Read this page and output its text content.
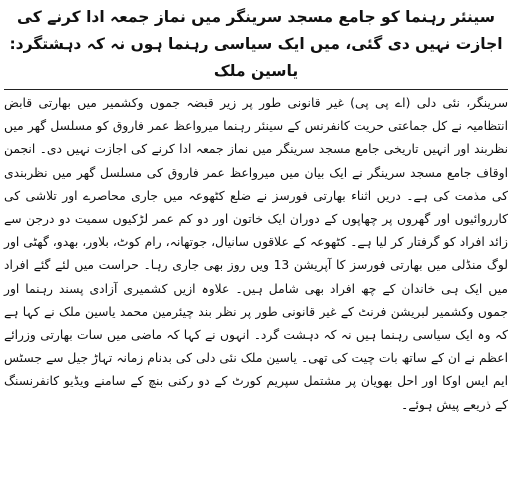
سینئر رہنما کو جامع مسجد سرینگر میں نماز جمعہ ادا کرنے کی اجازت نہیں دی گئی، میں ایک سیاسی رہنما ہوں نہ کہ دہشتگرد: یاسین ملک

سرینگر، نئی دلی (اے پی پی) غیر قانونی طور پر زیر قبضہ جموں وکشمیر میں بھارتی قابض انتظامیہ نے کل جماعتی حریت کانفرنس کے سینئر رہنما میرواعظ عمر فاروق کو مسلسل گھر میں نظربند اور انہیں تاریخی جامع مسجد سرینگر میں نماز جمعہ ادا کرنے کی اجازت نہیں دی۔ انجمن اوقاف جامع مسجد سرینگر نے ایک بیان میں میرواعظ عمر فاروق کی مسلسل گھر میں نظربندی کی مذمت کی ہے۔ دریں اثناء بھارتی فورسز نے ضلع کٹھوعہ میں جاری محاصرے اور تلاشی کی کارروائیوں اور گھروں پر چھاپوں کے دوران ایک خاتون اور دو کم عمر لڑکیوں سمیت دو درجن سے زائد افراد کو گرفتار کر لیا ہے۔ کٹھوعہ کے علاقوں سانیال، جوتھانہ، رام کوٹ، بلاور، بھدو، گھٹی اور لوگ منڈلی میں بھارتی فورسز کا آپریشن 13 ویں روز بھی جاری رہا۔ حراست میں لئے گئے افراد میں ایک ہی خاندان کے چھ افراد بھی شامل ہیں۔ علاوہ ازیں کشمیری آزادی پسند رہنما اور جموں وکشمیر لبریشن فرنٹ کے غیر قانونی طور پر نظر بند چیئرمین محمد یاسین ملک نے کہا ہے کہ وہ ایک سیاسی رہنما ہیں نہ کہ دہشت گرد۔ انہوں نے کہا کہ ماضی میں سات بھارتی وزرائے اعظم نے ان کے ساتھ بات چیت کی تھی۔ یاسین ملک نئی دلی کی بدنام زمانہ تہاڑ جیل سے جسٹس ایم ایس اوکا اور احل بھویان پر مشتمل سپریم کورٹ کے دو رکنی بنچ کے سامنے ویڈیو کانفرنسنگ کے ذریعے پیش ہوئے۔
